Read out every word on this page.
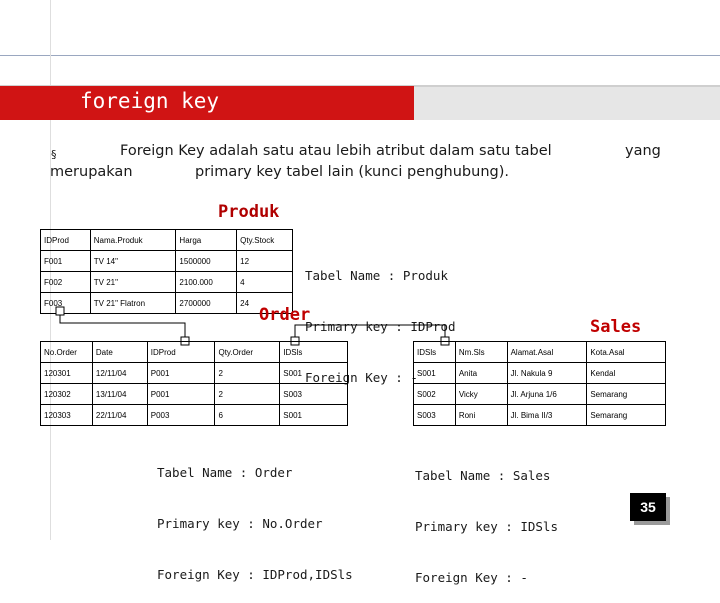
foreign key
§	Foreign Key adalah satu atau lebih atribut dalam satu tabel	yang
merupakan	primary key tabel lain (kunci penghubung).
Produk
IDProd	Nama.Produk	Harga	Qty.Stock
F001	TV 14"	1500000	12
F002	TV 21"	2100.000	4
F003	TV 21" Flatron	2700000	24

Tabel Name : Produk

Primary key : IDProd

Foreign Key : -

Order
Sales
No.Order	Date	IDProd	Qty.Order	IDSls
120301	12/11/04	P001	2	S001
120302	13/11/04	P001	2	S003
120303	22/11/04	P003	6	S001
IDSls	Nm.Sls	Alamat.Asal	Kota.Asal
S001	Anita	Jl. Nakula 9	Kendal
S002	Vicky	Jl. Arjuna 1/6	Semarang
S003	Roni	Jl. Bima II/3	Semarang

Tabel Name : Order

Primary key : No.Order

Foreign Key : IDProd,IDSls

Tabel Name : Sales

Primary key : IDSls

Foreign Key : -

35
